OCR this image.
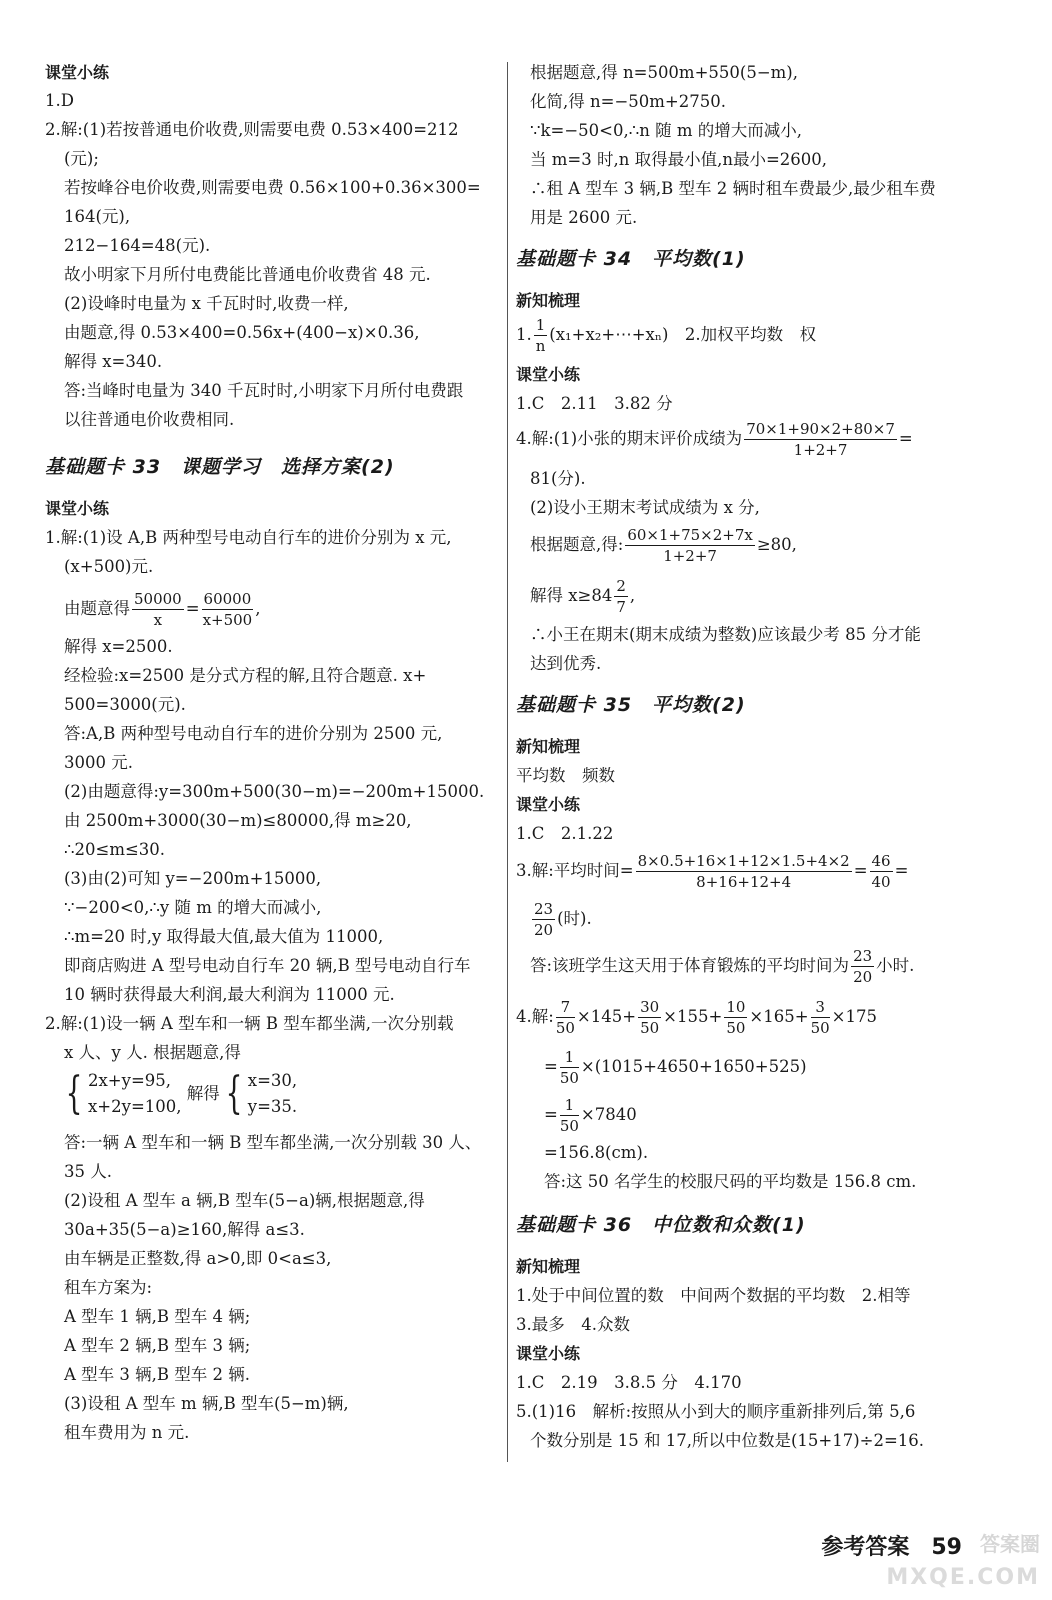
课堂小练
1.D
2.解:(1)若按普通电价收费,则需要电费 0.53×400=212
(元);
若按峰谷电价收费,则需要电费 0.56×100+0.36×300=
164(元),
212−164=48(元).
故小明家下月所付电费能比普通电价收费省 48 元.
(2)设峰时电量为 x 千瓦时时,收费一样,
由题意,得 0.53×400=0.56x+(400−x)×0.36,
解得 x=340.
答:当峰时电量为 340 千瓦时时,小明家下月所付电费跟
以往普通电价收费相同.
基础题卡 33　课题学习　选择方案(2)
课堂小练
1.解:(1)设 A,B 两种型号电动自行车的进价分别为 x 元,
(x+500)元.
由题意得 $\frac{50000}{x} = \frac{60000}{x+500}$ ,
解得 x=2500.
经检验:x=2500 是分式方程的解,且符合题意. x+
500=3000(元).
答:A,B 两种型号电动自行车的进价分别为 2500 元,
3000 元.
(2)由题意得:y=300m+500(30−m)=−200m+15000.
由 2500m+3000(30−m)≤80000,得 m≥20,
∴20≤m≤30.
(3)由(2)可知 y=−200m+15000,
∵−200<0,∴y 随 m 的增大而减小,
∴m=20 时,y 取得最大值,最大值为 11000,
即商店购进 A 型号电动自行车 20 辆,B 型号电动自行车
10 辆时获得最大利润,最大利润为 11000 元.
2.解:(1)设一辆 A 型车和一辆 B 型车都坐满,一次分别载
x 人、y 人. 根据题意,得
{ 2x+y=95,
x+2y=100,
解得 { x=30,
y=35.
答:一辆 A 型车和一辆 B 型车都坐满,一次分别载 30 人、
35 人.
(2)设租 A 型车 a 辆,B 型车(5−a)辆,根据题意,得
30a+35(5−a)≥160,解得 a≤3.
由车辆是正整数,得 a>0,即 0<a≤3,
租车方案为:
A 型车 1 辆,B 型车 4 辆;
A 型车 2 辆,B 型车 3 辆;
A 型车 3 辆,B 型车 2 辆.
(3)设租 A 型车 m 辆,B 型车(5−m)辆,
租车费用为 n 元.
根据题意,得 n=500m+550(5−m),
化简,得 n=−50m+2750.
∵k=−50<0,∴n 随 m 的增大而减小,
当 m=3 时,n 取得最小值,n最小=2600,
∴租 A 型车 3 辆,B 型车 2 辆时租车费最少,最少租车费
用是 2600 元.
基础题卡 34　平均数(1)
新知梳理
1. $\frac{1}{n}$ (x₁+x₂+⋯+xₙ)　2.加权平均数　权
课堂小练
1.C　2.11　3.82 分
4.解:(1)小张的期末评价成绩为 $\frac{70\times 1+90\times 2+80\times 7}{1+2+7}$ =
81(分).
(2)设小王期末考试成绩为 x 分,
根据题意,得: $\frac{60\times 1+75\times 2+7x}{1+2+7} \ge 80$,
解得 $x\ge 84 \frac{2}{7}$ ,
∴小王在期末(期末成绩为整数)应该最少考 85 分才能
达到优秀.
基础题卡 35　平均数(2)
新知梳理
平均数　频数
课堂小练
1.C　2.1.22
3.解:平均时间= $\frac{8\times 0.5+16\times 1+12\times 1.5+4\times 2}{8+16+12+4} = \frac{46}{40}$ =
$\frac{23}{20}$ (时).
答:该班学生这天用于体育锻炼的平均时间为 $\frac{23}{20}$ 小时.
4.解: $\frac{7}{50} \times 145+ \frac{30}{50} \times 155+ \frac{10}{50} \times 165+ \frac{3}{50} \times 175$
= $\frac{1}{50} \times(1015+4650+1650+525)$
= $\frac{1}{50} \times 7840$
=156.8(cm).
答:这 50 名学生的校服尺码的平均数是 156.8 cm.
基础题卡 36　中位数和众数(1)
新知梳理
1.处于中间位置的数　中间两个数据的平均数　2.相等
3.最多　4.众数
课堂小练
1.C　2.19　3.8.5 分　4.170
5.(1)16　解析:按照从小到大的顺序重新排列后,第 5,6
个数分别是 15 和 17,所以中位数是(15+17)÷2=16.
参考答案　59 答案圈
MXQE.COM
